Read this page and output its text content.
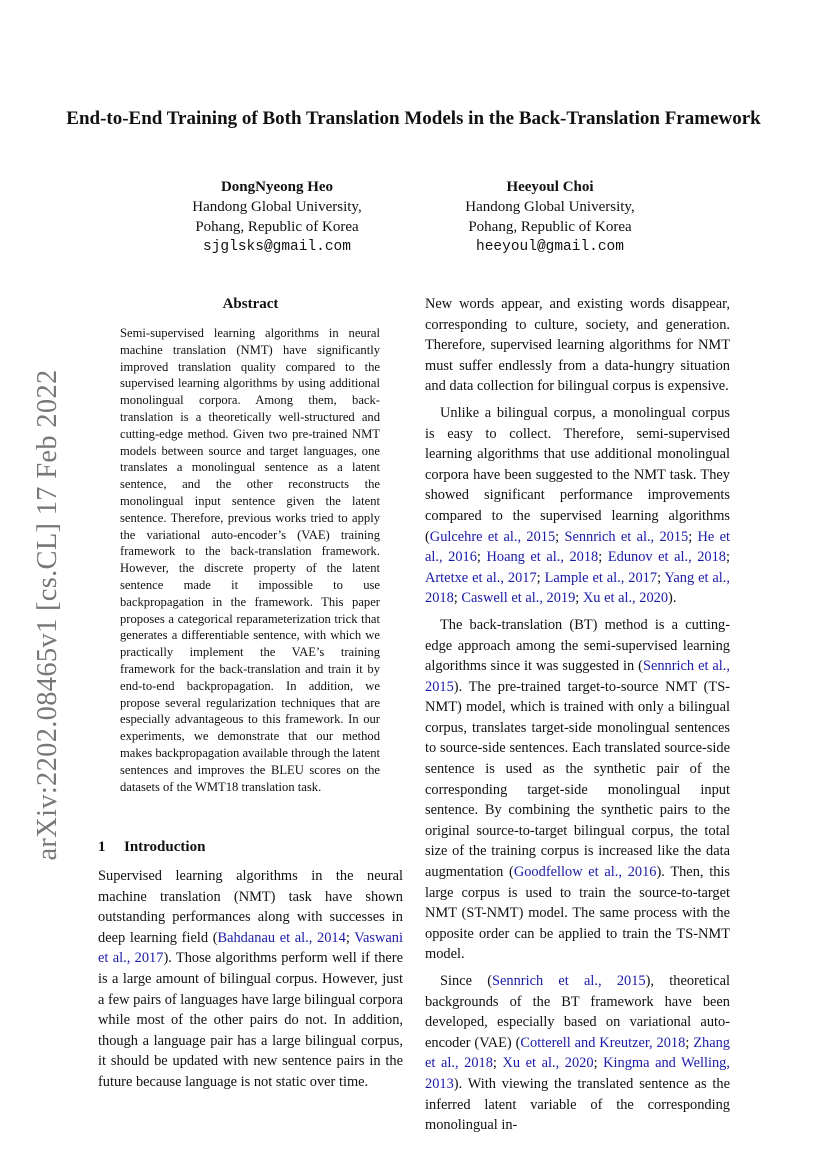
arXiv:2202.08465v1 [cs.CL] 17 Feb 2022
End-to-End Training of Both Translation Models in the Back-Translation Framework
DongNyeong Heo
Handong Global University,
Pohang, Republic of Korea
sjglsks@gmail.com
Heeyoul Choi
Handong Global University,
Pohang, Republic of Korea
heeyoul@gmail.com
Abstract
Semi-supervised learning algorithms in neural machine translation (NMT) have significantly improved translation quality compared to the supervised learning algorithms by using additional monolingual corpora. Among them, back-translation is a theoretically well-structured and cutting-edge method. Given two pre-trained NMT models between source and target languages, one translates a monolingual sentence as a latent sentence, and the other reconstructs the monolingual input sentence given the latent sentence. Therefore, previous works tried to apply the variational auto-encoder’s (VAE) training framework to the back-translation framework. However, the discrete property of the latent sentence made it impossible to use backpropagation in the framework. This paper proposes a categorical reparameterization trick that generates a differentiable sentence, with which we practically implement the VAE’s training framework for the back-translation and train it by end-to-end backpropagation. In addition, we propose several regularization techniques that are especially advantageous to this framework. In our experiments, we demonstrate that our method makes backpropagation available through the latent sentences and improves the BLEU scores on the datasets of the WMT18 translation task.
1 Introduction

Supervised learning algorithms in the neural machine translation (NMT) task have shown outstanding performances along with successes in deep learning field (Bahdanau et al., 2014; Vaswani et al., 2017). Those algorithms perform well if there is a large amount of bilingual corpus. However, just a few pairs of languages have large bilingual corpora while most of the other pairs do not. In addition, though a language pair has a large bilingual corpus, it should be updated with new sentence pairs in the future because language is not static over time.

New words appear, and existing words disappear, corresponding to culture, society, and generation. Therefore, supervised learning algorithms for NMT must suffer endlessly from a data-hungry situation and data collection for bilingual corpus is expensive.

Unlike a bilingual corpus, a monolingual corpus is easy to collect. Therefore, semi-supervised learning algorithms that use additional monolingual corpora have been suggested to the NMT task. They showed significant performance improvements compared to the supervised learning algorithms (Gulcehre et al., 2015; Sennrich et al., 2015; He et al., 2016; Hoang et al., 2018; Edunov et al., 2018; Artetxe et al., 2017; Lample et al., 2017; Yang et al., 2018; Caswell et al., 2019; Xu et al., 2020).

The back-translation (BT) method is a cutting-edge approach among the semi-supervised learning algorithms since it was suggested in (Sennrich et al., 2015). The pre-trained target-to-source NMT (TS-NMT) model, which is trained with only a bilingual corpus, translates target-side monolingual sentences to source-side sentences. Each translated source-side sentence is used as the synthetic pair of the corresponding target-side monolingual input sentence. By combining the synthetic pairs to the original source-to-target bilingual corpus, the total size of the training corpus is increased like the data augmentation (Goodfellow et al., 2016). Then, this large corpus is used to train the source-to-target NMT (ST-NMT) model. The same process with the opposite order can be applied to train the TS-NMT model.

Since (Sennrich et al., 2015), theoretical backgrounds of the BT framework have been developed, especially based on variational auto-encoder (VAE) (Cotterell and Kreutzer, 2018; Zhang et al., 2018; Xu et al., 2020; Kingma and Welling, 2013). With viewing the translated sentence as the inferred latent variable of the corresponding monolingual in-
